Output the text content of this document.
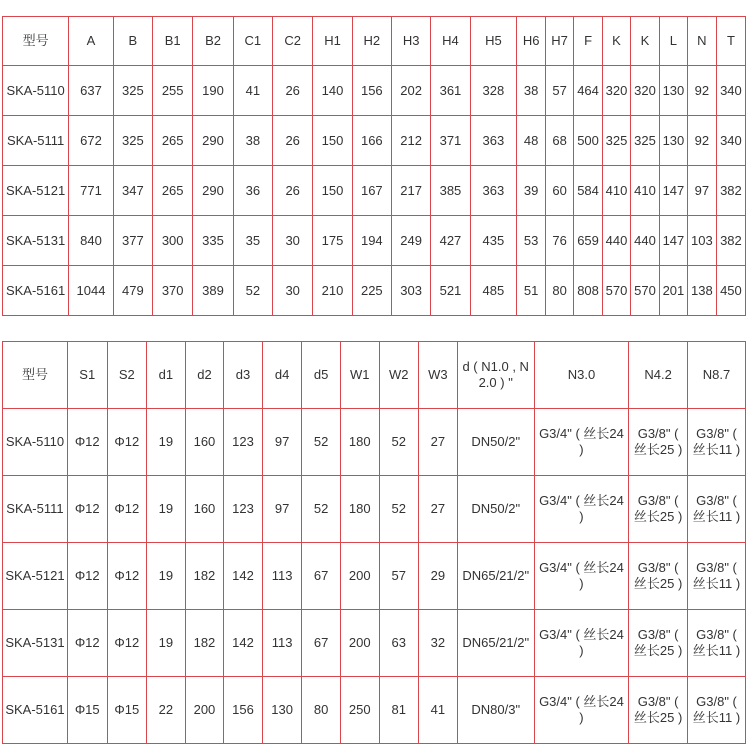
型号	A	B	B1	B2	C1	C2	H1	H2	H3	H4	H5	H6	H7	F	K	K	L	N	T
SKA-5110	637	325	255	190	41	26	140	156	202	361	328	38	57	464	320	320	130	92	340
SKA-5111	672	325	265	290	38	26	150	166	212	371	363	48	68	500	325	325	130	92	340
SKA-5121	771	347	265	290	36	26	150	167	217	385	363	39	60	584	410	410	147	97	382
SKA-5131	840	377	300	335	35	30	175	194	249	427	435	53	76	659	440	440	147	103	382
SKA-5161	1044	479	370	389	52	30	210	225	303	521	485	51	80	808	570	570	201	138	450
型号	S1	S2	d1	d2	d3	d4	d5	W1	W2	W3	d ( N1.0 , N2.0 ) "	N3.0	N4.2	N8.7
SKA-5110	Φ12	Φ12	19	160	123	97	52	180	52	27	DN50/2"	G3/4" ( 丝长24 )	G3/8" ( 丝长25 )	G3/8" ( 丝长11 )
SKA-5111	Φ12	Φ12	19	160	123	97	52	180	52	27	DN50/2"	G3/4" ( 丝长24 )	G3/8" ( 丝长25 )	G3/8" ( 丝长11 )
SKA-5121	Φ12	Φ12	19	182	142	113	67	200	57	29	DN65/21/2"	G3/4" ( 丝长24 )	G3/8" ( 丝长25 )	G3/8" ( 丝长11 )
SKA-5131	Φ12	Φ12	19	182	142	113	67	200	63	32	DN65/21/2"	G3/4" ( 丝长24 )	G3/8" ( 丝长25 )	G3/8" ( 丝长11 )
SKA-5161	Φ15	Φ15	22	200	156	130	80	250	81	41	DN80/3"	G3/4" ( 丝长24 )	G3/8" ( 丝长25 )	G3/8" ( 丝长11 )
